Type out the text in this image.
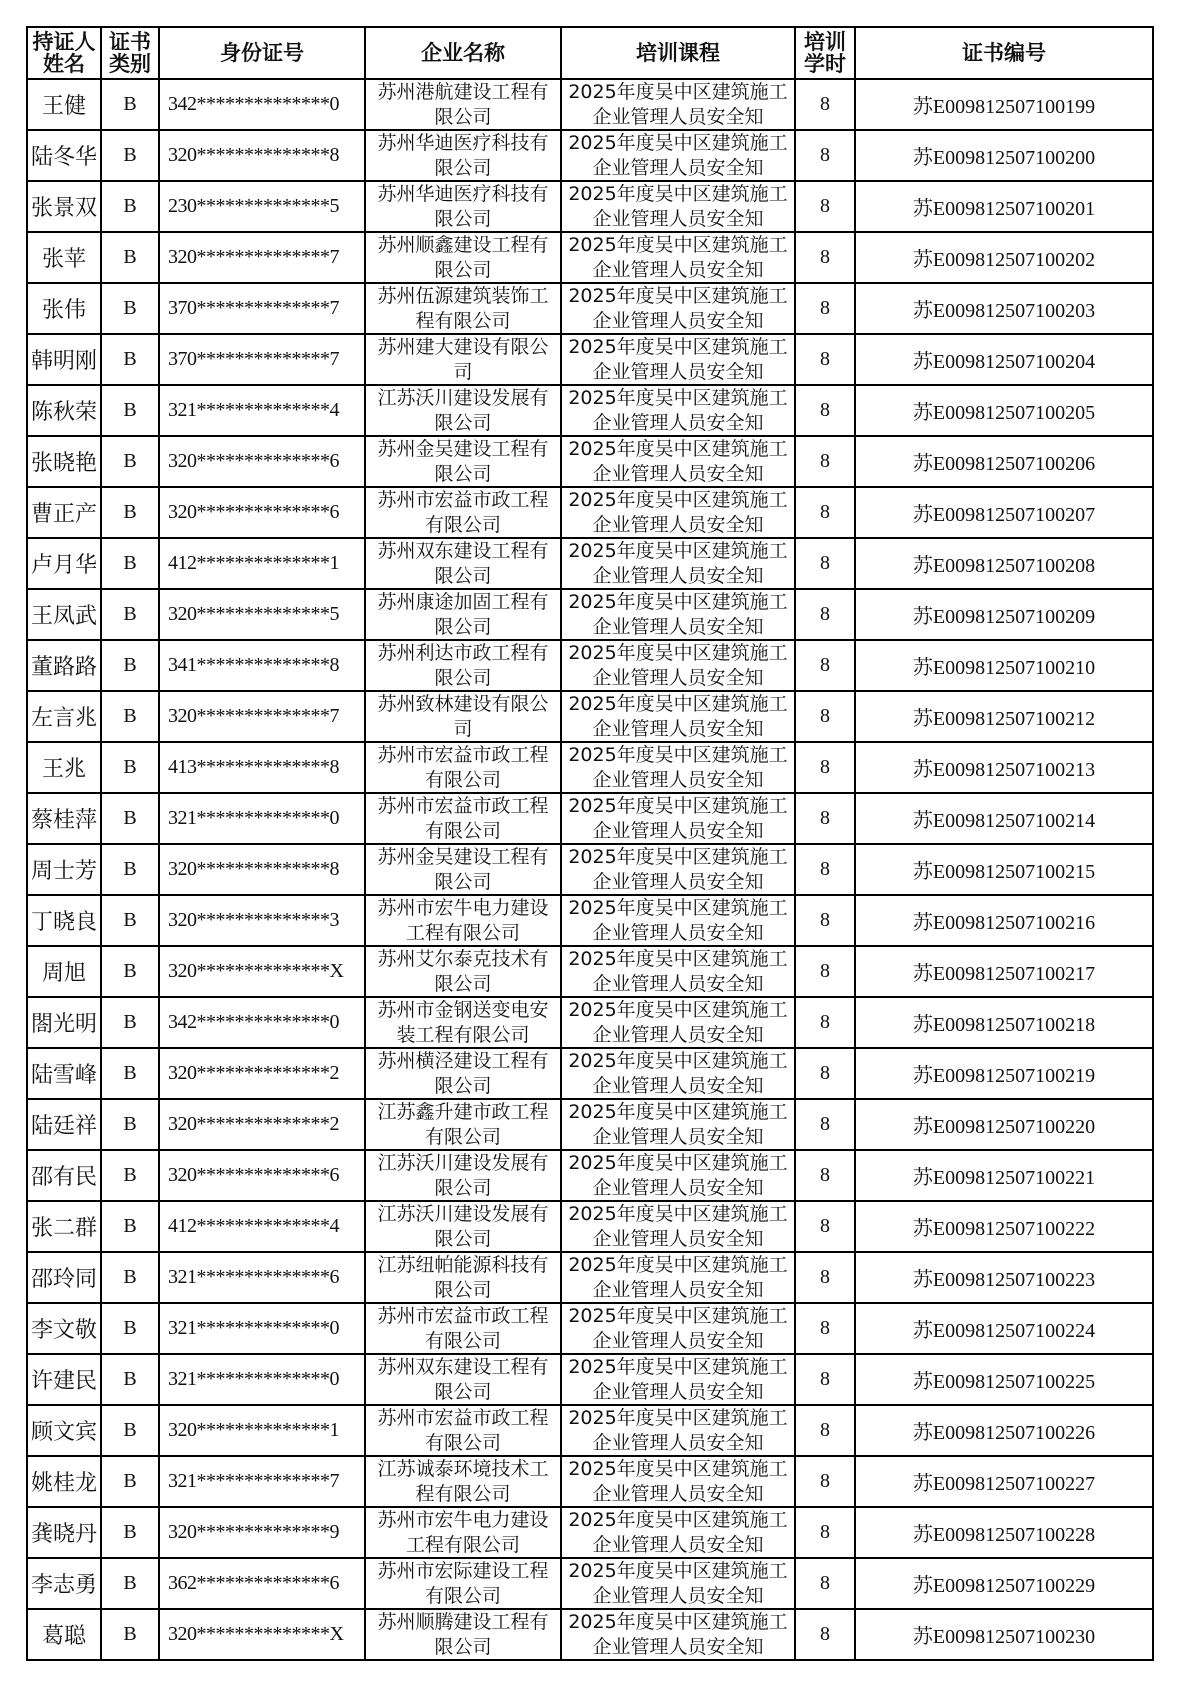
持证人姓名	证书类别	身份证号	企业名称	培训课程	培训学时	证书编号
王健	B	342**************0	苏州港航建设工程有限公司	2025年度吴中区建筑施工企业管理人员安全知	8	苏E009812507100199
陆冬华	B	320**************8	苏州华迪医疗科技有限公司	2025年度吴中区建筑施工企业管理人员安全知	8	苏E009812507100200
张景双	B	230**************5	苏州华迪医疗科技有限公司	2025年度吴中区建筑施工企业管理人员安全知	8	苏E009812507100201
张苹	B	320**************7	苏州顺鑫建设工程有限公司	2025年度吴中区建筑施工企业管理人员安全知	8	苏E009812507100202
张伟	B	370**************7	苏州伍源建筑装饰工程有限公司	2025年度吴中区建筑施工企业管理人员安全知	8	苏E009812507100203
韩明刚	B	370**************7	苏州建大建设有限公司	2025年度吴中区建筑施工企业管理人员安全知	8	苏E009812507100204
陈秋荣	B	321**************4	江苏沃川建设发展有限公司	2025年度吴中区建筑施工企业管理人员安全知	8	苏E009812507100205
张晓艳	B	320**************6	苏州金吴建设工程有限公司	2025年度吴中区建筑施工企业管理人员安全知	8	苏E009812507100206
曹正产	B	320**************6	苏州市宏益市政工程有限公司	2025年度吴中区建筑施工企业管理人员安全知	8	苏E009812507100207
卢月华	B	412**************1	苏州双东建设工程有限公司	2025年度吴中区建筑施工企业管理人员安全知	8	苏E009812507100208
王凤武	B	320**************5	苏州康途加固工程有限公司	2025年度吴中区建筑施工企业管理人员安全知	8	苏E009812507100209
董路路	B	341**************8	苏州利达市政工程有限公司	2025年度吴中区建筑施工企业管理人员安全知	8	苏E009812507100210
左言兆	B	320**************7	苏州致林建设有限公司	2025年度吴中区建筑施工企业管理人员安全知	8	苏E009812507100212
王兆	B	413**************8	苏州市宏益市政工程有限公司	2025年度吴中区建筑施工企业管理人员安全知	8	苏E009812507100213
蔡桂萍	B	321**************0	苏州市宏益市政工程有限公司	2025年度吴中区建筑施工企业管理人员安全知	8	苏E009812507100214
周士芳	B	320**************8	苏州金吴建设工程有限公司	2025年度吴中区建筑施工企业管理人员安全知	8	苏E009812507100215
丁晓良	B	320**************3	苏州市宏牛电力建设工程有限公司	2025年度吴中区建筑施工企业管理人员安全知	8	苏E009812507100216
周旭	B	320**************X	苏州艾尔泰克技术有限公司	2025年度吴中区建筑施工企业管理人员安全知	8	苏E009812507100217
閤光明	B	342**************0	苏州市金钢送变电安装工程有限公司	2025年度吴中区建筑施工企业管理人员安全知	8	苏E009812507100218
陆雪峰	B	320**************2	苏州横泾建设工程有限公司	2025年度吴中区建筑施工企业管理人员安全知	8	苏E009812507100219
陆廷祥	B	320**************2	江苏鑫升建市政工程有限公司	2025年度吴中区建筑施工企业管理人员安全知	8	苏E009812507100220
邵有民	B	320**************6	江苏沃川建设发展有限公司	2025年度吴中区建筑施工企业管理人员安全知	8	苏E009812507100221
张二群	B	412**************4	江苏沃川建设发展有限公司	2025年度吴中区建筑施工企业管理人员安全知	8	苏E009812507100222
邵玲同	B	321**************6	江苏纽帕能源科技有限公司	2025年度吴中区建筑施工企业管理人员安全知	8	苏E009812507100223
李文敬	B	321**************0	苏州市宏益市政工程有限公司	2025年度吴中区建筑施工企业管理人员安全知	8	苏E009812507100224
许建民	B	321**************0	苏州双东建设工程有限公司	2025年度吴中区建筑施工企业管理人员安全知	8	苏E009812507100225
顾文宾	B	320**************1	苏州市宏益市政工程有限公司	2025年度吴中区建筑施工企业管理人员安全知	8	苏E009812507100226
姚桂龙	B	321**************7	江苏诚泰环境技术工程有限公司	2025年度吴中区建筑施工企业管理人员安全知	8	苏E009812507100227
龚晓丹	B	320**************9	苏州市宏牛电力建设工程有限公司	2025年度吴中区建筑施工企业管理人员安全知	8	苏E009812507100228
李志勇	B	362**************6	苏州市宏际建设工程有限公司	2025年度吴中区建筑施工企业管理人员安全知	8	苏E009812507100229
葛聪	B	320**************X	苏州顺腾建设工程有限公司	2025年度吴中区建筑施工企业管理人员安全知	8	苏E009812507100230
